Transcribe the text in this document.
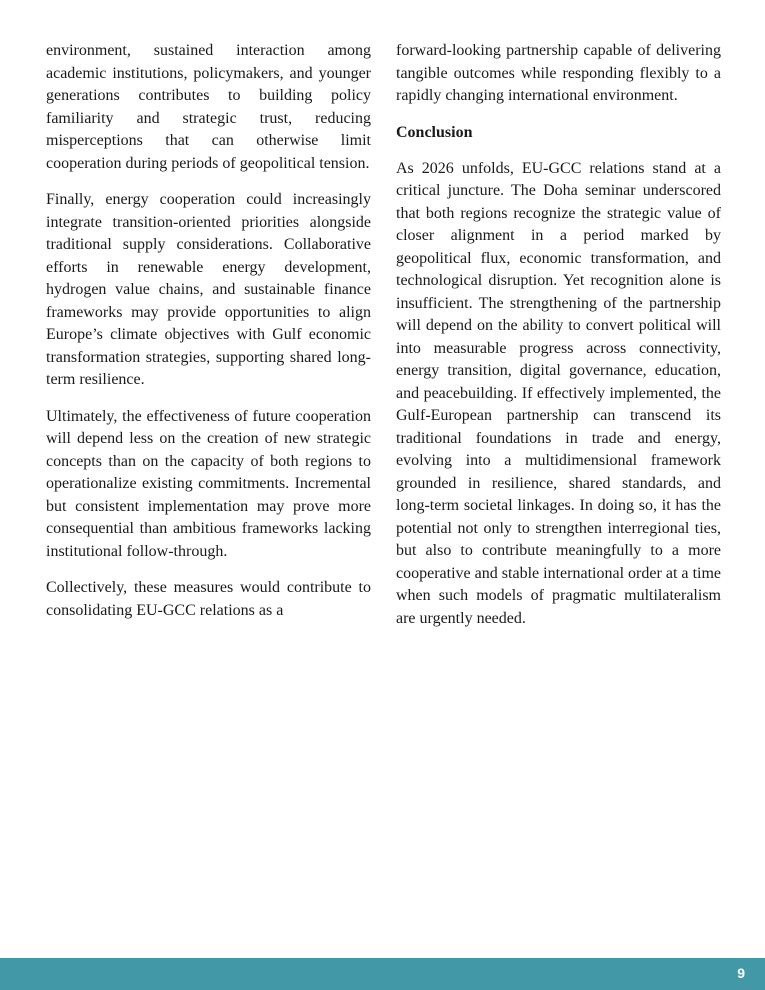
environment, sustained interaction among academic institutions, policymakers, and younger generations contributes to building policy familiarity and strategic trust, reducing misperceptions that can otherwise limit cooperation during periods of geopolitical tension.

Finally, energy cooperation could increasingly integrate transition-oriented priorities alongside traditional supply considerations. Collaborative efforts in renewable energy development, hydrogen value chains, and sustainable finance frameworks may provide opportunities to align Europe’s climate objectives with Gulf economic transformation strategies, supporting shared long-term resilience.

Ultimately, the effectiveness of future cooperation will depend less on the creation of new strategic concepts than on the capacity of both regions to operationalize existing commitments. Incremental but consistent implementation may prove more consequential than ambitious frameworks lacking institutional follow-through.

Collectively, these measures would contribute to consolidating EU-GCC relations as a

forward-looking partnership capable of delivering tangible outcomes while responding flexibly to a rapidly changing international environment.

Conclusion

As 2026 unfolds, EU-GCC relations stand at a critical juncture. The Doha seminar underscored that both regions recognize the strategic value of closer alignment in a period marked by geopolitical flux, economic transformation, and technological disruption. Yet recognition alone is insufficient. The strengthening of the partnership will depend on the ability to convert political will into measurable progress across connectivity, energy transition, digital governance, education, and peacebuilding. If effectively implemented, the Gulf-European partnership can transcend its traditional foundations in trade and energy, evolving into a multidimensional framework grounded in resilience, shared standards, and long-term societal linkages. In doing so, it has the potential not only to strengthen interregional ties, but also to contribute meaningfully to a more cooperative and stable international order at a time when such models of pragmatic multilateralism are urgently needed.

9
